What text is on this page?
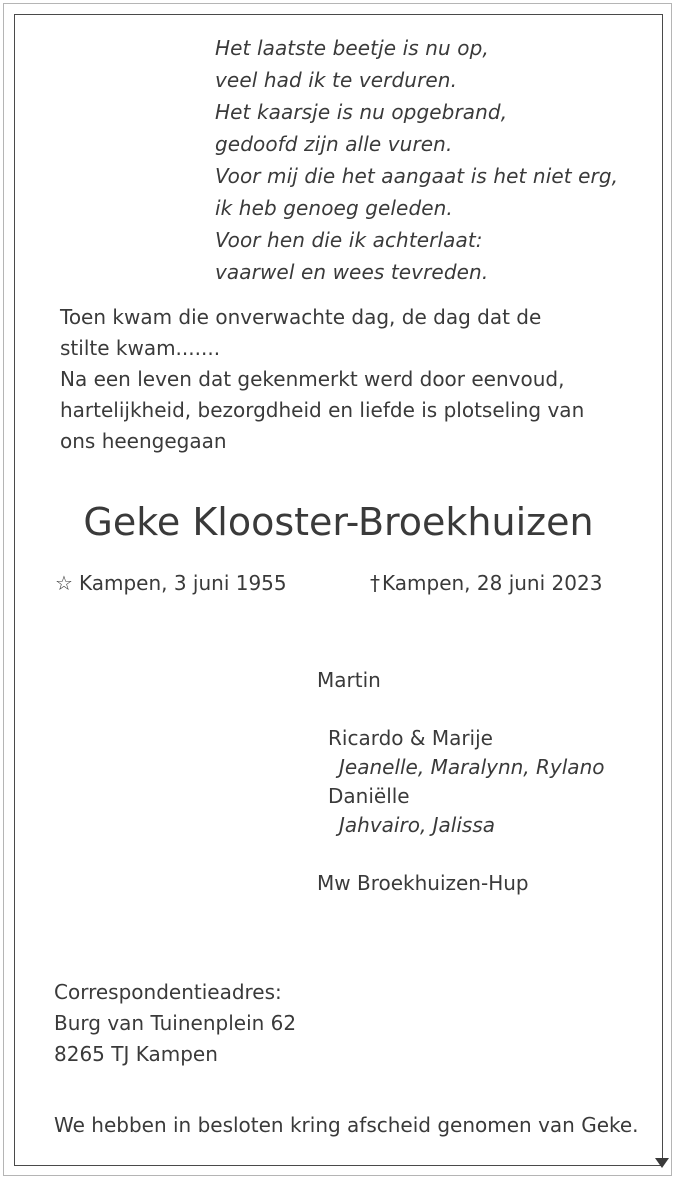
Het laatste beetje is nu op,
veel had ik te verduren.
Het kaarsje is nu opgebrand,
gedoofd zijn alle vuren.
Voor mij die het aangaat is het niet erg,
ik heb genoeg geleden.
Voor hen die ik achterlaat:
vaarwel en wees tevreden.
Toen kwam die onverwachte dag, de dag dat de
stilte kwam.......
Na een leven dat gekenmerkt werd door eenvoud,
hartelijkheid, bezorgdheid en liefde is plotseling van
ons heengegaan
Geke Klooster-Broekhuizen
☆ Kampen, 3 juni 1955	† Kampen, 28 juni 2023
Martin
Ricardo & Marije
Jeanelle, Maralynn, Rylano
Daniëlle
Jahvairo, Jalissa
Mw Broekhuizen-Hup
Correspondentieadres:
Burg van Tuinenplein 62
8265 TJ Kampen
We hebben in besloten kring afscheid genomen van Geke.
